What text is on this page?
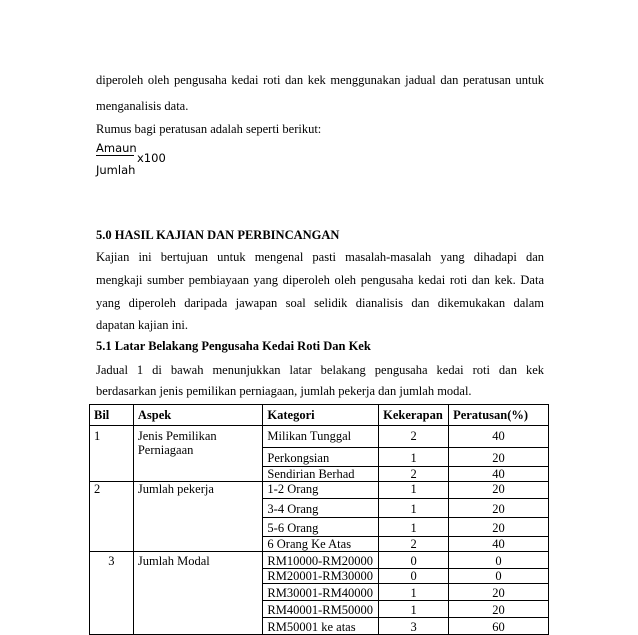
diperoleh oleh pengusaha kedai roti dan kek menggunakan jadual dan peratusan untuk
menganalisis data.
Rumus bagi peratusan adalah seperti berikut:
Amaun
x100
Jumlah
5.0 HASIL KAJIAN DAN PERBINCANGAN
Kajian ini bertujuan untuk mengenal pasti masalah-masalah yang dihadapi dan
mengkaji sumber pembiayaan yang diperoleh oleh pengusaha kedai roti dan kek. Data
yang diperoleh daripada jawapan soal selidik dianalisis dan dikemukakan dalam
dapatan kajian ini.
5.1 Latar Belakang Pengusaha Kedai Roti Dan Kek
Jadual 1 di bawah menunjukkan latar belakang pengusaha kedai roti dan kek
berdasarkan jenis pemilikan perniagaan, jumlah pekerja dan jumlah modal.
Bil	Aspek	Kategori	Kekerapan	Peratusan(%)
1	Jenis Pemilikan Perniagaan	Milikan Tunggal	2	40
		Perkongsian	1	20
		Sendirian Berhad	2	40
2	Jumlah pekerja	1-2 Orang	1	20
		3-4 Orang	1	20
		5-6 Orang	1	20
		6 Orang Ke Atas	2	40
3	Jumlah Modal	RM10000-RM20000	0	0
		RM20001-RM30000	0	0
		RM30001-RM40000	1	20
		RM40001-RM50000	1	20
		RM50001 ke atas	3	60
